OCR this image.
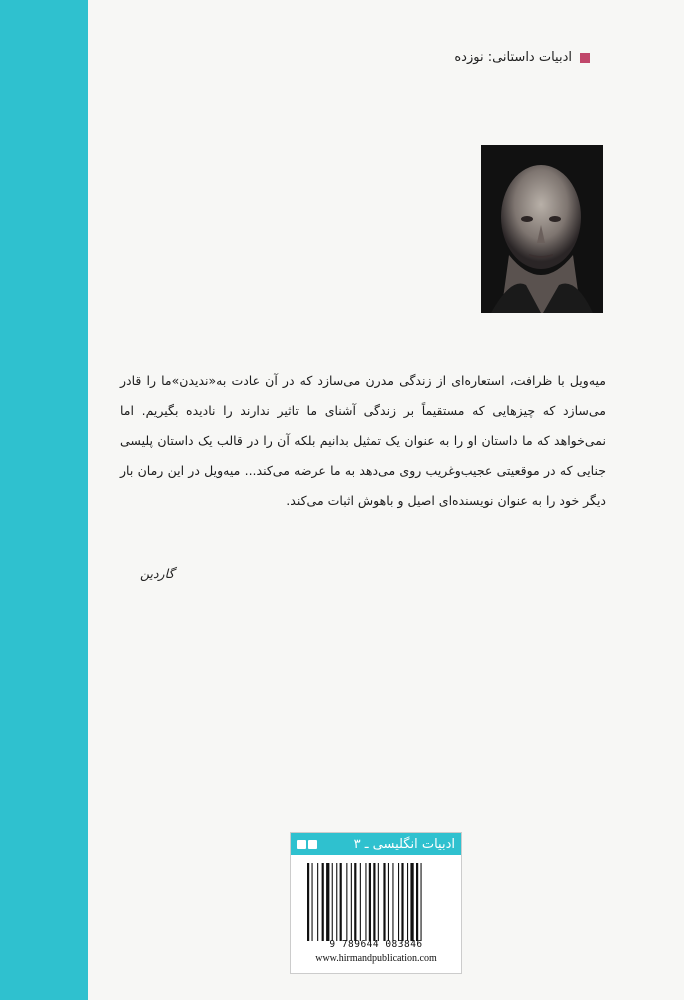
ادبیات داستانی: نوزده
میه‌ویل با ظرافت، استعاره‌ای از زندگی مدرن می‌سازد که در آن عادت به«ندیدن»ما را قادر می‌سازد که چیزهایی که مستقیماً بر زندگی آشنای ما تاثیر ندارند را نادیده بگیریم. اما نمی‌خواهد که ما داستان او را به عنوان یک تمثیل بدانیم بلکه آن را در قالب یک داستان پلیسی جنایی که در موقعیتی عجیب‌وغریب روی می‌دهد به ما عرضه می‌کند... میه‌ویل در این رمان بار دیگر خود را به عنوان نویسنده‌ای اصیل و باهوش اثبات می‌کند.
گاردین
ادبیات انگلیسی ـ ۳
9 789644 083846
www.hirmandpublication.com
